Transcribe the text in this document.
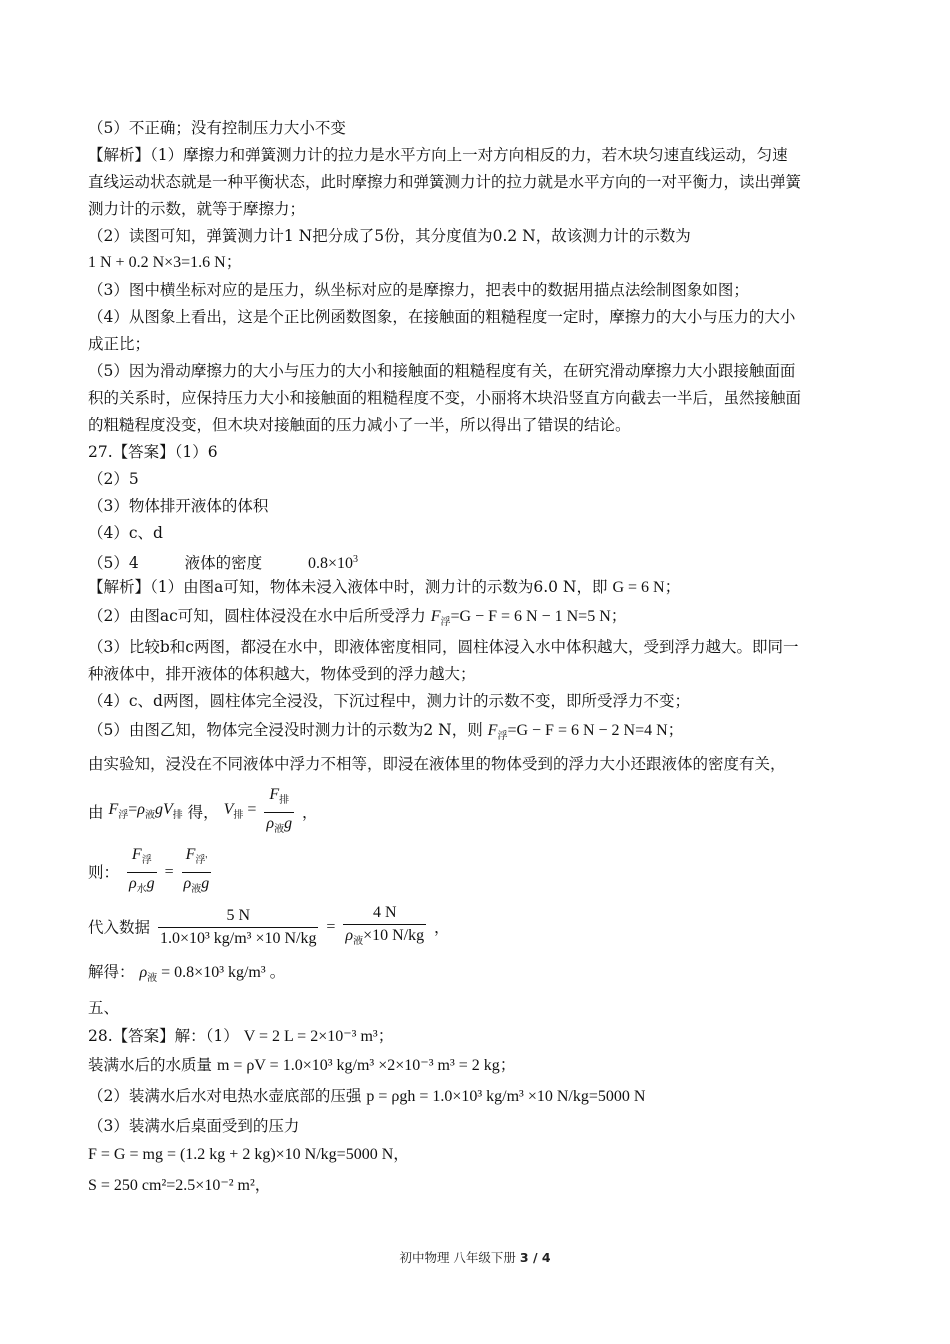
（5）不正确；没有控制压力大小不变
【解析】（1）摩擦力和弹簧测力计的拉力是水平方向上一对方向相反的力，若木块匀速直线运动，匀速
直线运动状态就是一种平衡状态，此时摩擦力和弹簧测力计的拉力就是水平方向的一对平衡力，读出弹簧
测力计的示数，就等于摩擦力；
（2）读图可知，弹簧测力计1 N把分成了5份，其分度值为0.2 N，故该测力计的示数为
1 N + 0.2 N×3=1.6 N；
（3）图中横坐标对应的是压力，纵坐标对应的是摩擦力，把表中的数据用描点法绘制图象如图；
（4）从图象上看出，这是个正比例函数图象，在接触面的粗糙程度一定时，摩擦力的大小与压力的大小
成正比；
（5）因为滑动摩擦力的大小与压力的大小和接触面的粗糙程度有关，在研究滑动摩擦力大小跟接触面面
积的关系时，应保持压力大小和接触面的粗糙程度不变，小丽将木块沿竖直方向截去一半后，虽然接触面
的粗糙程度没变，但木块对接触面的压力减小了一半，所以得出了错误的结论。
27.【答案】（1）6
（2）5
（3）物体排开液体的体积
（4）c、d
（5）4	液体的密度	$0.8\times 10^3$
【解析】（1）由图a可知，物体未浸入液体中时，测力计的示数为6.0 N，即 G = 6 N；
（2）由图ac可知，圆柱体浸没在水中后所受浮力 $F_浮=G - F = 6$ N − 1 N=5 N；
（3）比较b和c两图，都浸在水中，即液体密度相同，圆柱体浸入水中体积越大，受到浮力越大。即同一
种液体中，排开液体的体积越大，物体受到的浮力越大；
（4）c、d两图，圆柱体完全浸没，下沉过程中，测力计的示数不变，即所受浮力不变；
（5）由图乙知，物体完全浸没时测力计的示数为2 N，则 $F_浮=G - F = 6$ N − 2 N=4 N；
由实验知，浸没在不同液体中浮力不相等，即浸在液体里的物体受到的浮力大小还跟液体的密度有关，
由 $F_浮=\rho_液gV_排$ 得， $V_排 = \frac{F_排}{\rho_液g}$ ，
则： $\frac{F_浮}{\rho_水g} = \frac{F_{浮'}}{\rho_液g}$
代入数据 $\frac{5 N}{\text{1.0×10³ kg/m³ ×10 N/kg}} = \frac{4 N}{\rho_液\times 10 N/kg}$ ，
解得： $\rho_液 = 0.8\times 10^3$ kg/m³ 。
五、
28.【答案】解：（1） V = 2 L = 2×10⁻³ m³；
装满水后的水质量 m = ρV = 1.0×10³ kg/m³ ×2×10⁻³ m³ = 2 kg；
（2）装满水后水对电热水壶底部的压强 p = ρgh = 1.0×10³ kg/m³ ×10 N/kg=5000 N
（3）装满水后桌面受到的压力
F = G = mg = (1.2 kg + 2 kg)×10 N/kg=5000 N，
S = 250 cm²=2.5×10⁻² m²，
初中物理 八年级下册 3 / 4
